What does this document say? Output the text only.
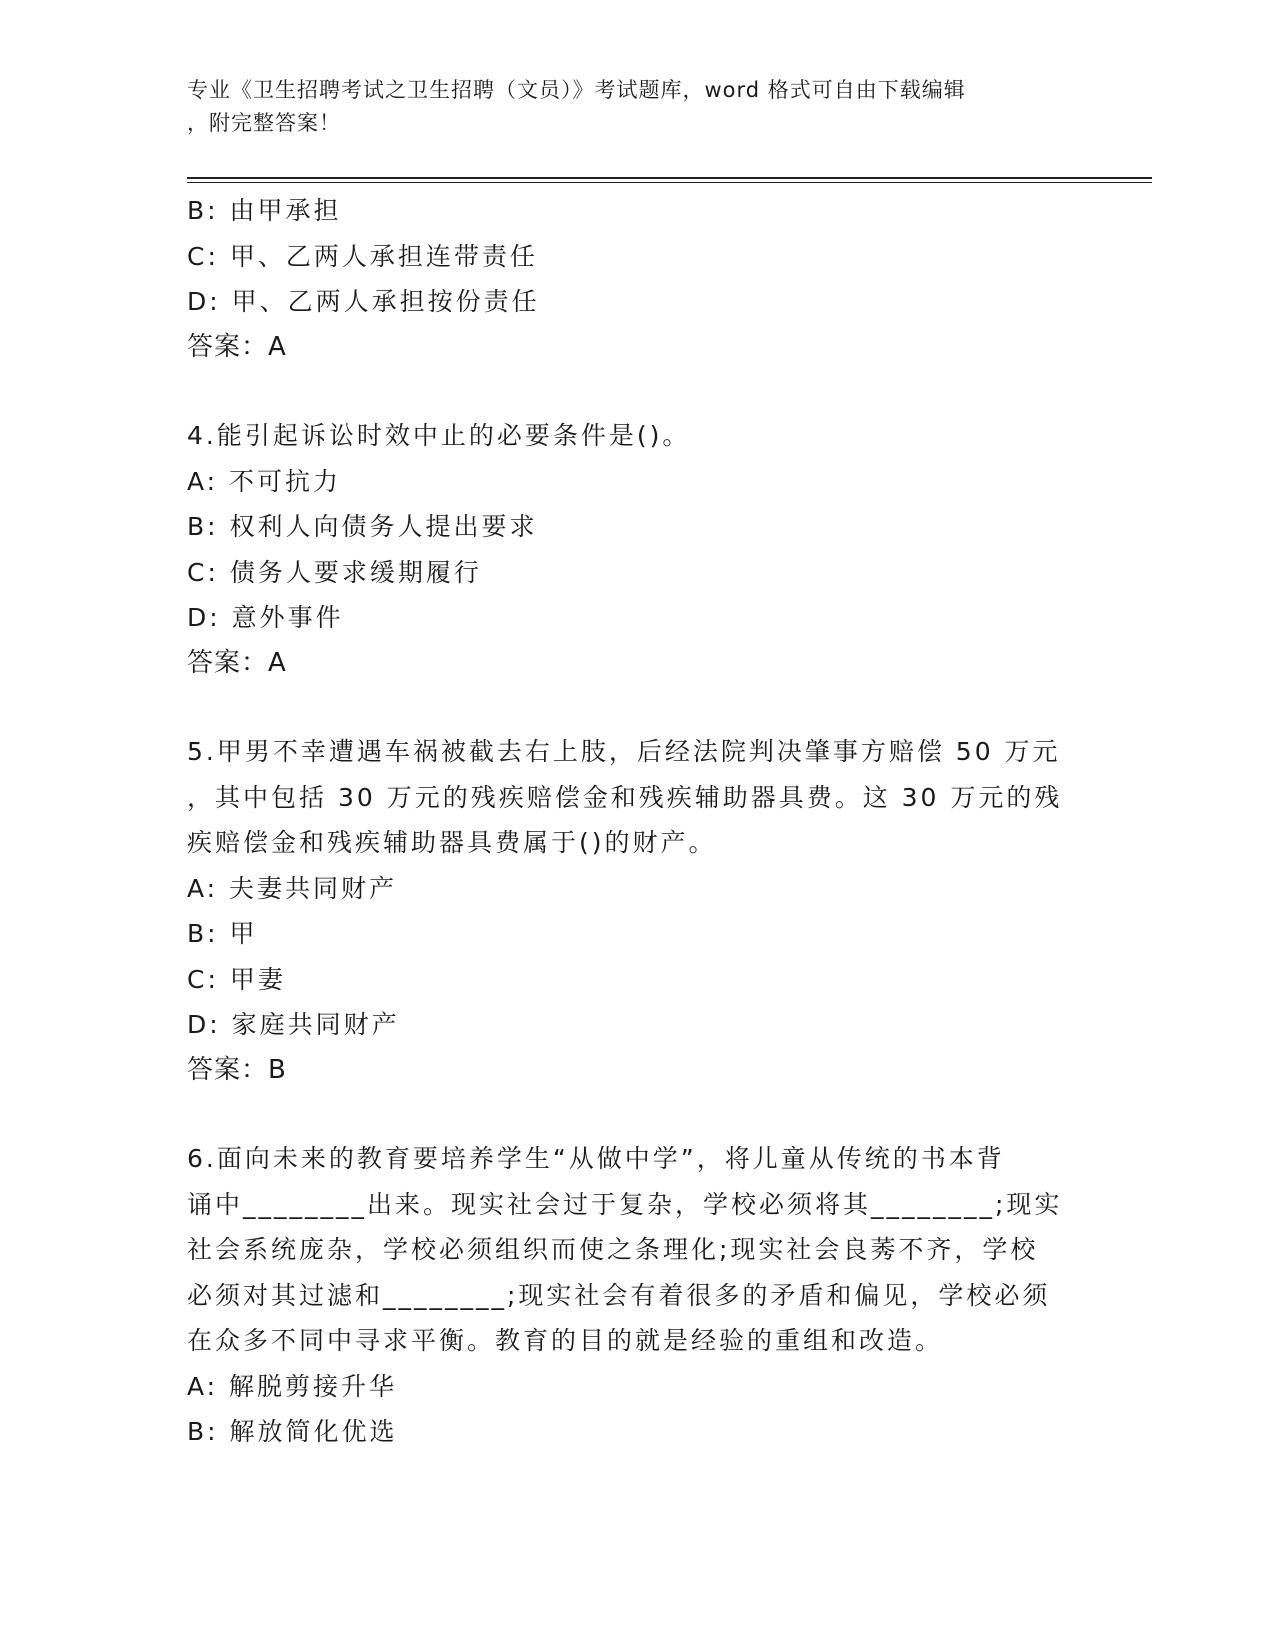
专业《卫生招聘考试之卫生招聘（文员）》考试题库，word 格式可自由下载编辑
，附完整答案！
B: 由甲承担
C: 甲、乙两人承担连带责任
D: 甲、乙两人承担按份责任
答案：A
4.能引起诉讼时效中止的必要条件是()。
A: 不可抗力
B: 权利人向债务人提出要求
C: 债务人要求缓期履行
D: 意外事件
答案：A
5.甲男不幸遭遇车祸被截去右上肢，后经法院判决肇事方赔偿 50 万元
，其中包括 30 万元的残疾赔偿金和残疾辅助器具费。这 30 万元的残
疾赔偿金和残疾辅助器具费属于()的财产。
A: 夫妻共同财产
B: 甲
C: 甲妻
D: 家庭共同财产
答案：B
6.面向未来的教育要培养学生“从做中学”，将儿童从传统的书本背
诵中________出来。现实社会过于复杂，学校必须将其________;现实
社会系统庞杂，学校必须组织而使之条理化;现实社会良莠不齐，学校
必须对其过滤和________;现实社会有着很多的矛盾和偏见，学校必须
在众多不同中寻求平衡。教育的目的就是经验的重组和改造。
A: 解脱剪接升华
B: 解放简化优选
